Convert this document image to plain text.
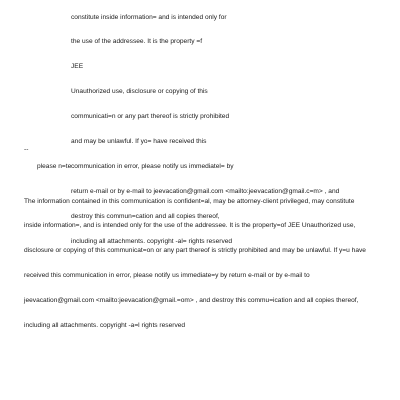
constitute inside information= and is intended only for

the use of the addressee. It is the property =f

JEE

Unauthorized use, disclosure or copying of this

communicati=n or any part thereof is strictly prohibited

and may be unlawful. If yo= have received this

communication in error, please notify us immediatel= by

return e-mail or by e-mail to jeevacation@gmail.com <mailto:jeevacation@gmail.c=m> , and

destroy this commun=cation and all copies thereof,

including all attachments. copyright -al= rights reserved

--
please n=te

The information contained in this communication is confident=al, may be attorney-client privileged, may constitute

inside information=, and is intended only for the use of the addressee. It is the property=of JEE Unauthorized use,

disclosure or copying of this communicat=on or any part thereof is strictly prohibited and may be unlawful. If y=u have

received this communication in error, please notify us immediate=y by return e-mail or by e-mail to

jeevacation@gmail.com <mailto:jeevacation@gmail.=om> , and destroy this commu=ication and all copies thereof,

including all attachments. copyright -a=l rights reserved
